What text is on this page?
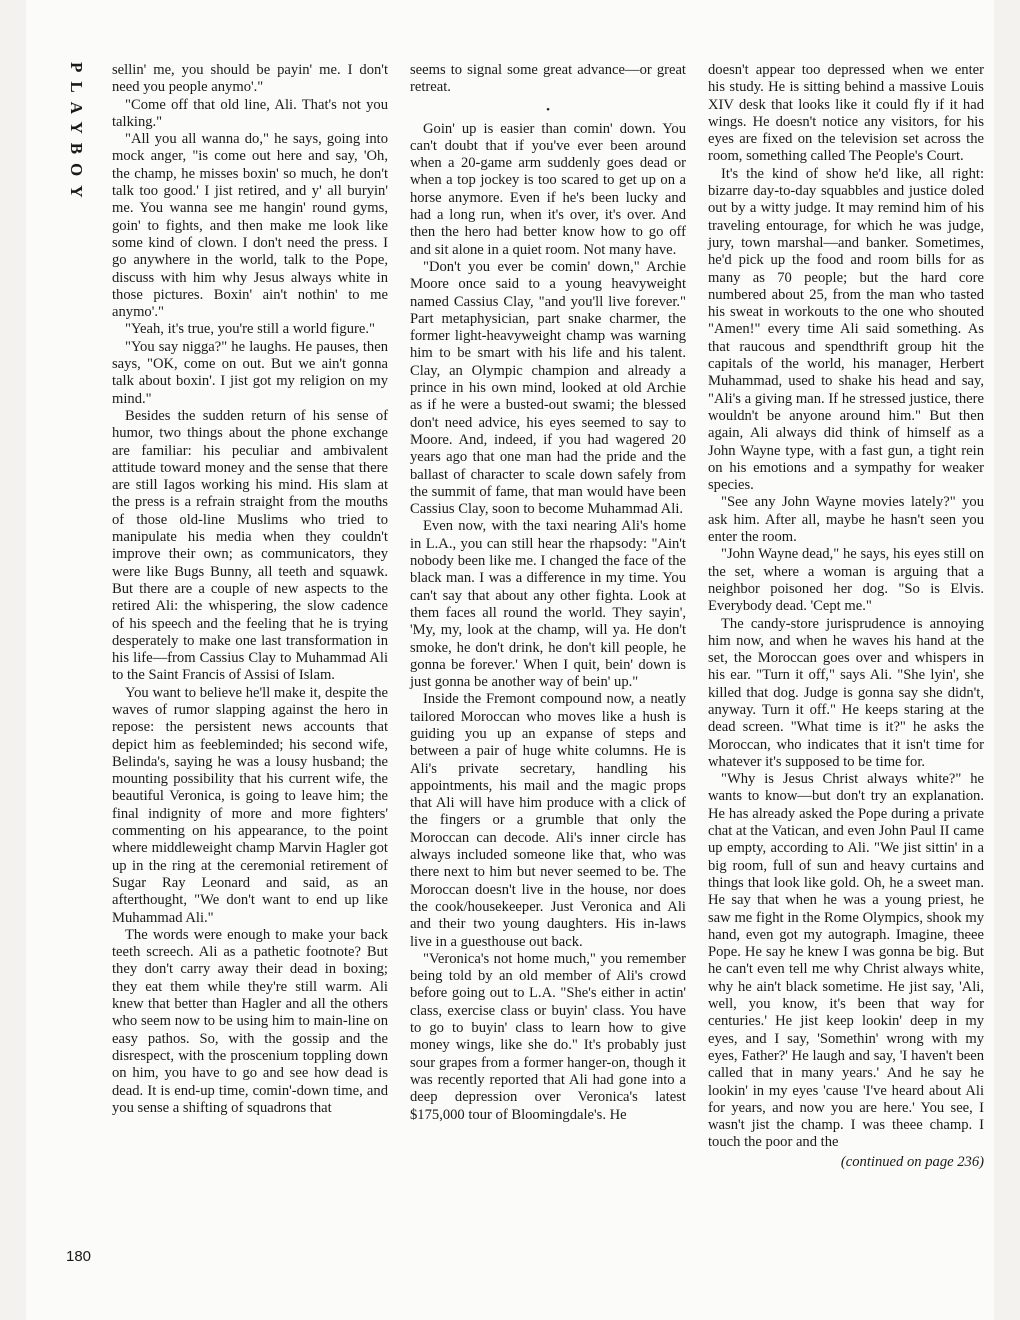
PLAYBOY
180

sellin' me, you should be payin' me. I don't need you people anymo'."

"Come off that old line, Ali. That's not you talking."

"All you all wanna do," he says, going into mock anger, "is come out here and say, 'Oh, the champ, he misses boxin' so much, he don't talk too good.' I jist retired, and y' all buryin' me. You wanna see me hangin' round gyms, goin' to fights, and then make me look like some kind of clown. I don't need the press. I go anywhere in the world, talk to the Pope, discuss with him why Jesus always white in those pictures. Boxin' ain't nothin' to me anymo'."

"Yeah, it's true, you're still a world figure."

"You say nigga?" he laughs. He pauses, then says, "OK, come on out. But we ain't gonna talk about boxin'. I jist got my religion on my mind."

Besides the sudden return of his sense of humor, two things about the phone exchange are familiar: his peculiar and ambivalent attitude toward money and the sense that there are still Iagos working his mind. His slam at the press is a refrain straight from the mouths of those old-line Muslims who tried to manipulate his media when they couldn't improve their own; as communicators, they were like Bugs Bunny, all teeth and squawk. But there are a couple of new aspects to the retired Ali: the whispering, the slow cadence of his speech and the feeling that he is trying desperately to make one last transformation in his life—from Cassius Clay to Muhammad Ali to the Saint Francis of Assisi of Islam.

You want to believe he'll make it, despite the waves of rumor slapping against the hero in repose: the persistent news accounts that depict him as feebleminded; his second wife, Belinda's, saying he was a lousy husband; the mounting possibility that his current wife, the beautiful Veronica, is going to leave him; the final indignity of more and more fighters' commenting on his appearance, to the point where middleweight champ Marvin Hagler got up in the ring at the ceremonial retirement of Sugar Ray Leonard and said, as an afterthought, "We don't want to end up like Muhammad Ali."

The words were enough to make your back teeth screech. Ali as a pathetic footnote? But they don't carry away their dead in boxing; they eat them while they're still warm. Ali knew that better than Hagler and all the others who seem now to be using him to main-line on easy pathos. So, with the gossip and the disrespect, with the proscenium toppling down on him, you have to go and see how dead is dead. It is end-up time, comin'-down time, and you sense a shifting of squadrons that

seems to signal some great advance—or great retreat.

•

Goin' up is easier than comin' down. You can't doubt that if you've ever been around when a 20-game arm suddenly goes dead or when a top jockey is too scared to get up on a horse anymore. Even if he's been lucky and had a long run, when it's over, it's over. And then the hero had better know how to go off and sit alone in a quiet room. Not many have.

"Don't you ever be comin' down," Archie Moore once said to a young heavyweight named Cassius Clay, "and you'll live forever." Part metaphysician, part snake charmer, the former light-heavyweight champ was warning him to be smart with his life and his talent. Clay, an Olympic champion and already a prince in his own mind, looked at old Archie as if he were a busted-out swami; the blessed don't need advice, his eyes seemed to say to Moore. And, indeed, if you had wagered 20 years ago that one man had the pride and the ballast of character to scale down safely from the summit of fame, that man would have been Cassius Clay, soon to become Muhammad Ali.

Even now, with the taxi nearing Ali's home in L.A., you can still hear the rhapsody: "Ain't nobody been like me. I changed the face of the black man. I was a difference in my time. You can't say that about any other fighta. Look at them faces all round the world. They sayin', 'My, my, look at the champ, will ya. He don't smoke, he don't drink, he don't kill people, he gonna be forever.' When I quit, bein' down is just gonna be another way of bein' up."

Inside the Fremont compound now, a neatly tailored Moroccan who moves like a hush is guiding you up an expanse of steps and between a pair of huge white columns. He is Ali's private secretary, handling his appointments, his mail and the magic props that Ali will have him produce with a click of the fingers or a grumble that only the Moroccan can decode. Ali's inner circle has always included someone like that, who was there next to him but never seemed to be. The Moroccan doesn't live in the house, nor does the cook/housekeeper. Just Veronica and Ali and their two young daughters. His in-laws live in a guesthouse out back.

"Veronica's not home much," you remember being told by an old member of Ali's crowd before going out to L.A. "She's either in actin' class, exercise class or buyin' class. You have to go to buyin' class to learn how to give money wings, like she do." It's probably just sour grapes from a former hanger-on, though it was recently reported that Ali had gone into a deep depression over Veronica's latest $175,000 tour of Bloomingdale's. He

doesn't appear too depressed when we enter his study. He is sitting behind a massive Louis XIV desk that looks like it could fly if it had wings. He doesn't notice any visitors, for his eyes are fixed on the television set across the room, something called The People's Court.

It's the kind of show he'd like, all right: bizarre day-to-day squabbles and justice doled out by a witty judge. It may remind him of his traveling entourage, for which he was judge, jury, town marshal—and banker. Sometimes, he'd pick up the food and room bills for as many as 70 people; but the hard core numbered about 25, from the man who tasted his sweat in workouts to the one who shouted "Amen!" every time Ali said something. As that raucous and spendthrift group hit the capitals of the world, his manager, Herbert Muhammad, used to shake his head and say, "Ali's a giving man. If he stressed justice, there wouldn't be anyone around him." But then again, Ali always did think of himself as a John Wayne type, with a fast gun, a tight rein on his emotions and a sympathy for weaker species.

"See any John Wayne movies lately?" you ask him. After all, maybe he hasn't seen you enter the room.

"John Wayne dead," he says, his eyes still on the set, where a woman is arguing that a neighbor poisoned her dog. "So is Elvis. Everybody dead. 'Cept me."

The candy-store jurisprudence is annoying him now, and when he waves his hand at the set, the Moroccan goes over and whispers in his ear. "Turn it off," says Ali. "She lyin', she killed that dog. Judge is gonna say she didn't, anyway. Turn it off." He keeps staring at the dead screen. "What time is it?" he asks the Moroccan, who indicates that it isn't time for whatever it's supposed to be time for.

"Why is Jesus Christ always white?" he wants to know—but don't try an explanation. He has already asked the Pope during a private chat at the Vatican, and even John Paul II came up empty, according to Ali. "We jist sittin' in a big room, full of sun and heavy curtains and things that look like gold. Oh, he a sweet man. He say that when he was a young priest, he saw me fight in the Rome Olympics, shook my hand, even got my autograph. Imagine, theee Pope. He say he knew I was gonna be big. But he can't even tell me why Christ always white, why he ain't black sometime. He jist say, 'Ali, well, you know, it's been that way for centuries.' He jist keep lookin' deep in my eyes, and I say, 'Somethin' wrong with my eyes, Father?' He laugh and say, 'I haven't been called that in many years.' And he say he lookin' in my eyes 'cause 'I've heard about Ali for years, and now you are here.' You see, I wasn't jist the champ. I was theee champ. I touch the poor and the

(continued on page 236)
